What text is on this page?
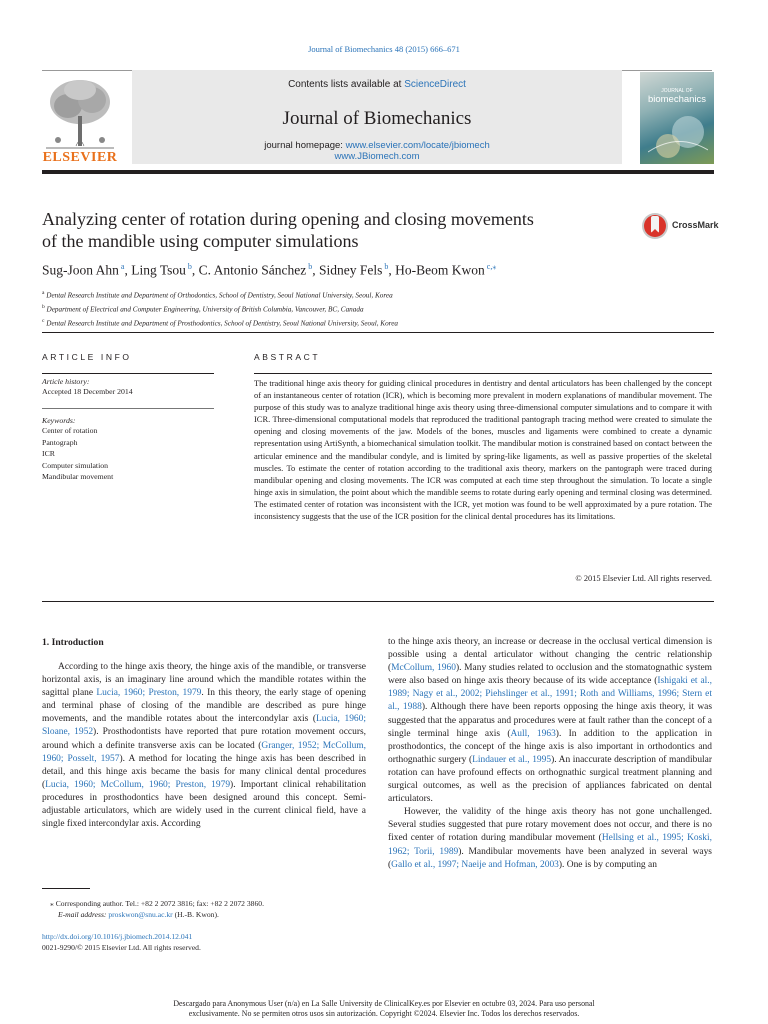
Journal of Biomechanics 48 (2015) 666–671
ELSEVIER
Contents lists available at ScienceDirect
Journal of Biomechanics
journal homepage: www.elsevier.com/locate/jbiomech
www.JBiomech.com
JOURNAL OF
biomechanics
Analyzing center of rotation during opening and closing movements
of the mandible using computer simulations
CrossMark
Sug-Joon Ahn $^a$, Ling Tsou $^b$, C. Antonio Sánchez $^b$, Sidney Fels $^b$, Ho-Beom Kwon $^{c,⁎}$
$^a$ Dental Research Institute and Department of Orthodontics, School of Dentistry, Seoul National University, Seoul, Korea
$^b$ Department of Electrical and Computer Engineering, University of British Columbia, Vancouver, BC, Canada
$^c$ Dental Research Institute and Department of Prosthodontics, School of Dentistry, Seoul National University, Seoul, Korea
ARTICLE INFO
Article history:
Accepted 18 December 2014
Keywords:
Center of rotation
Pantograph
ICR
Computer simulation
Mandibular movement
ABSTRACT
The traditional hinge axis theory for guiding clinical procedures in dentistry and dental articulators has been challenged by the concept of an instantaneous center of rotation (ICR), which is becoming more prevalent in modern explanations of mandibular movement. The purpose of this study was to analyze traditional hinge axis theory using three-dimensional computer simulations and to compare it with ICR. Three-dimensional computational models that reproduced the traditional pantograph tracing method were created to simulate the opening and closing movements of the jaw. Models of the bones, muscles and ligaments were combined to create a dynamic representation using ArtiSynth, a biomechanical simulation toolkit. The mandibular motion is constrained based on contact between the articular eminence and the mandibular condyle, and is limited by spring-like ligaments, as well as passive properties of the skeletal muscles. To estimate the center of rotation according to the traditional axis theory, markers on the pantograph were traced during mandibular opening and closing movements. The ICR was computed at each time step throughout the simulation. To locate a single hinge axis in simulation, the point about which the mandible seems to rotate during early opening and terminal closing was determined. The estimated center of rotation was inconsistent with the ICR, yet motion was found to be well approximated by a pure rotation. The inconsistency suggests that the use of the ICR position for the clinical dental procedures has its limitations.
© 2015 Elsevier Ltd. All rights reserved.
1. Introduction
According to the hinge axis theory, the hinge axis of the mandible, or transverse horizontal axis, is an imaginary line around which the mandible rotates within the sagittal plane Lucia, 1960; Preston, 1979. In this theory, the early stage of opening and terminal phase of closing of the mandible are described as pure hinge movements, and the mandible rotates about the intercondylar axis (Lucia, 1960; Sloane, 1952). Prosthodontists have reported that pure rotation movement occurs, around which a definite transverse axis can be located (Granger, 1952; McCollum, 1960; Posselt, 1957). A method for locating the hinge axis has been described in detail, and this hinge axis became the basis for many clinical dental procedures (Lucia, 1960; McCollum, 1960; Preston, 1979). Important clinical rehabilitation procedures in prosthodontics have been designed around this concept. Semi-adjustable articulators, which are widely used in the current clinical field, have a single fixed intercondylar axis. According
to the hinge axis theory, an increase or decrease in the occlusal vertical dimension is possible using a dental articulator without changing the centric relationship (McCollum, 1960). Many studies related to occlusion and the stomatognathic system were also based on hinge axis theory because of its wide acceptance (Ishigaki et al., 1989; Nagy et al., 2002; Piehslinger et al., 1991; Roth and Williams, 1996; Stern et al., 1988). Although there have been reports opposing the hinge axis theory, it was suggested that the apparatus and procedures were at fault rather than the concept of a single terminal hinge axis (Aull, 1963). In addition to the application in prosthodontics, the concept of the hinge axis is also important in orthodontics and orthognathic surgery (Lindauer et al., 1995). An inaccurate description of mandibular rotation can have profound effects on orthognathic surgical treatment planning and surgical outcomes, as well as the precision of appliances fabricated on dental articulators.
However, the validity of the hinge axis theory has not gone unchallenged. Several studies suggested that pure rotary movement does not occur, and there is no fixed center of rotation during mandibular movement (Hellsing et al., 1995; Koski, 1962; Torii, 1989). Mandibular movements have been analyzed in several ways (Gallo et al., 1997; Naeije and Hofman, 2003). One is by computing an
⁎ Corresponding author. Tel.: +82 2 2072 3816; fax: +82 2 2072 3860.
E-mail address: proskwon@snu.ac.kr (H.-B. Kwon).
http://dx.doi.org/10.1016/j.jbiomech.2014.12.041
0021-9290/© 2015 Elsevier Ltd. All rights reserved.
Descargado para Anonymous User (n/a) en La Salle University de ClinicalKey.es por Elsevier en octubre 03, 2024. Para uso personal
exclusivamente. No se permiten otros usos sin autorización. Copyright ©2024. Elsevier Inc. Todos los derechos reservados.
